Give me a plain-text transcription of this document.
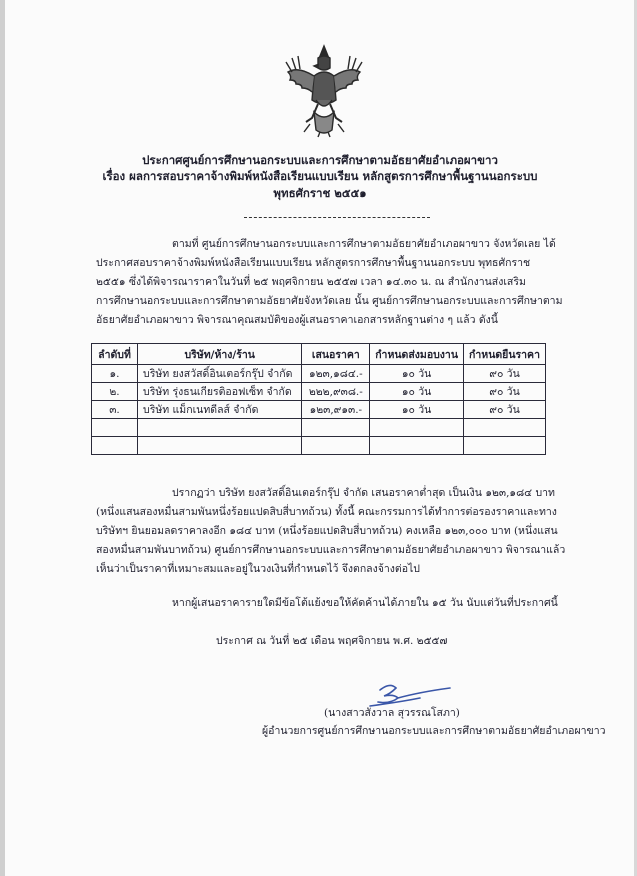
ประกาศศูนย์การศึกษานอกระบบและการศึกษาตามอัธยาศัยอำเภอผาขาว
เรื่อง ผลการสอบราคาจ้างพิมพ์หนังสือเรียนแบบเรียน หลักสูตรการศึกษาพื้นฐานนอกระบบ
พุทธศักราช ๒๕๕๑
ตามที่ ศูนย์การศึกษานอกระบบและการศึกษาตามอัธยาศัยอำเภอผาขาว จังหวัดเลย ได้
ประกาศสอบราคาจ้างพิมพ์หนังสือเรียนแบบเรียน หลักสูตรการศึกษาพื้นฐานนอกระบบ พุทธศักราช
๒๕๕๑ ซึ่งได้พิจารณาราคาในวันที่ ๒๕ พฤศจิกายน ๒๕๕๗ เวลา ๑๔.๓๐ น. ณ สำนักงานส่งเสริม
การศึกษานอกระบบและการศึกษาตามอัธยาศัยจังหวัดเลย นั้น ศูนย์การศึกษานอกระบบและการศึกษาตาม
อัธยาศัยอำเภอผาขาว พิจารณาคุณสมบัติของผู้เสนอราคาเอกสารหลักฐานต่าง ๆ แล้ว ดังนี้
ลำดับที่	บริษัท/ห้าง/ร้าน	เสนอราคา	กำหนดส่งมอบงาน	กำหนดยืนราคา
๑.	บริษัท ยงสวัสดิ์อินเตอร์กรุ๊ป จำกัด	๑๒๓,๑๘๔.-	๑๐ วัน	๙๐ วัน
๒.	บริษัท รุ่งธนเกียรติออฟเซ็ท จำกัด	๒๒๒,๙๓๘.-	๑๐ วัน	๙๐ วัน
๓.	บริษัท แม็กเนทดีลส์ จำกัด	๑๒๓,๙๑๓.-	๑๐ วัน	๙๐ วัน

ปรากฏว่า บริษัท ยงสวัสดิ์อินเตอร์กรุ๊ป จำกัด เสนอราคาต่ำสุด เป็นเงิน ๑๒๓,๑๘๔ บาท
(หนึ่งแสนสองหมื่นสามพันหนึ่งร้อยแปดสิบสี่บาทถ้วน) ทั้งนี้ คณะกรรมการได้ทำการต่อรองราคาและทาง
บริษัทฯ ยินยอมลดราคาลงอีก ๑๘๔ บาท (หนึ่งร้อยแปดสิบสี่บาทถ้วน) คงเหลือ ๑๒๓,๐๐๐ บาท (หนึ่งแสน
สองหมื่นสามพันบาทถ้วน) ศูนย์การศึกษานอกระบบและการศึกษาตามอัธยาศัยอำเภอผาขาว พิจารณาแล้ว
เห็นว่าเป็นราคาที่เหมาะสมและอยู่ในวงเงินที่กำหนดไว้ จึงตกลงจ้างต่อไป
หากผู้เสนอราคารายใดมีข้อโต้แย้งขอให้คัดค้านได้ภายใน ๑๕ วัน นับแต่วันที่ประกาศนี้
ประกาศ ณ วันที่ ๒๕ เดือน พฤศจิกายน พ.ศ. ๒๕๕๗
(นางสาวสังวาล สุวรรณโสภา)
ผู้อำนวยการศูนย์การศึกษานอกระบบและการศึกษาตามอัธยาศัยอำเภอผาขาว
